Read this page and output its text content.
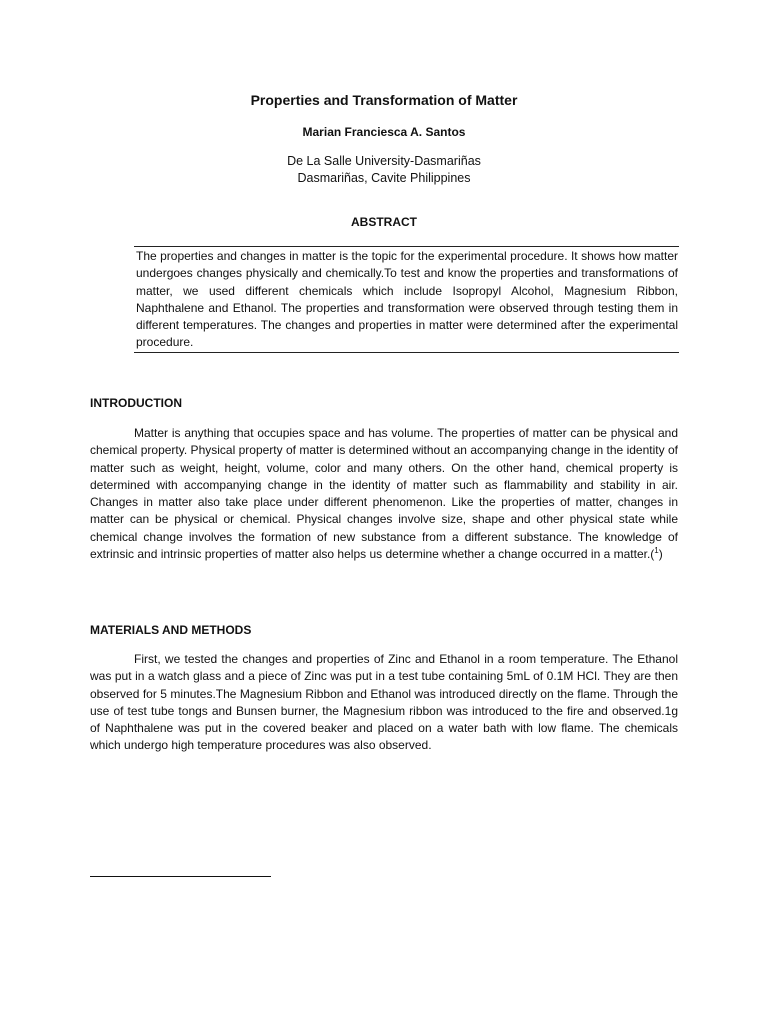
Properties and Transformation of Matter
Marian Franciesca A. Santos
De La Salle University-Dasmariñas
Dasmariñas, Cavite Philippines
ABSTRACT
The properties and changes in matter is the topic for the experimental procedure. It shows how matter undergoes changes physically and chemically.To test and know the properties and transformations of matter, we used different chemicals which include Isopropyl Alcohol, Magnesium Ribbon, Naphthalene and Ethanol. The properties and transformation were observed through testing them in different temperatures. The changes and properties in matter were determined after the experimental procedure.
INTRODUCTION

Matter is anything that occupies space and has volume. The properties of matter can be physical and chemical property. Physical property of matter is determined without an accompanying change in the identity of matter such as weight, height, volume, color and many others. On the other hand, chemical property is determined with accompanying change in the identity of matter such as flammability and stability in air. Changes in matter also take place under different phenomenon. Like the properties of matter, changes in matter can be physical or chemical. Physical changes involve size, shape and other physical state while chemical change involves the formation of new substance from a different substance. The knowledge of extrinsic and intrinsic properties of matter also helps us determine whether a change occurred in a matter.($^1$)

MATERIALS AND METHODS

First, we tested the changes and properties of Zinc and Ethanol in a room temperature. The Ethanol was put in a watch glass and a piece of Zinc was put in a test tube containing 5mL of 0.1M HCl. They are then observed for 5 minutes.The Magnesium Ribbon and Ethanol was introduced directly on the flame. Through the use of test tube tongs and Bunsen burner, the Magnesium ribbon was introduced to the fire and observed.1g of Naphthalene was put in the covered beaker and placed on a water bath with low flame. The chemicals which undergo high temperature procedures was also observed.
